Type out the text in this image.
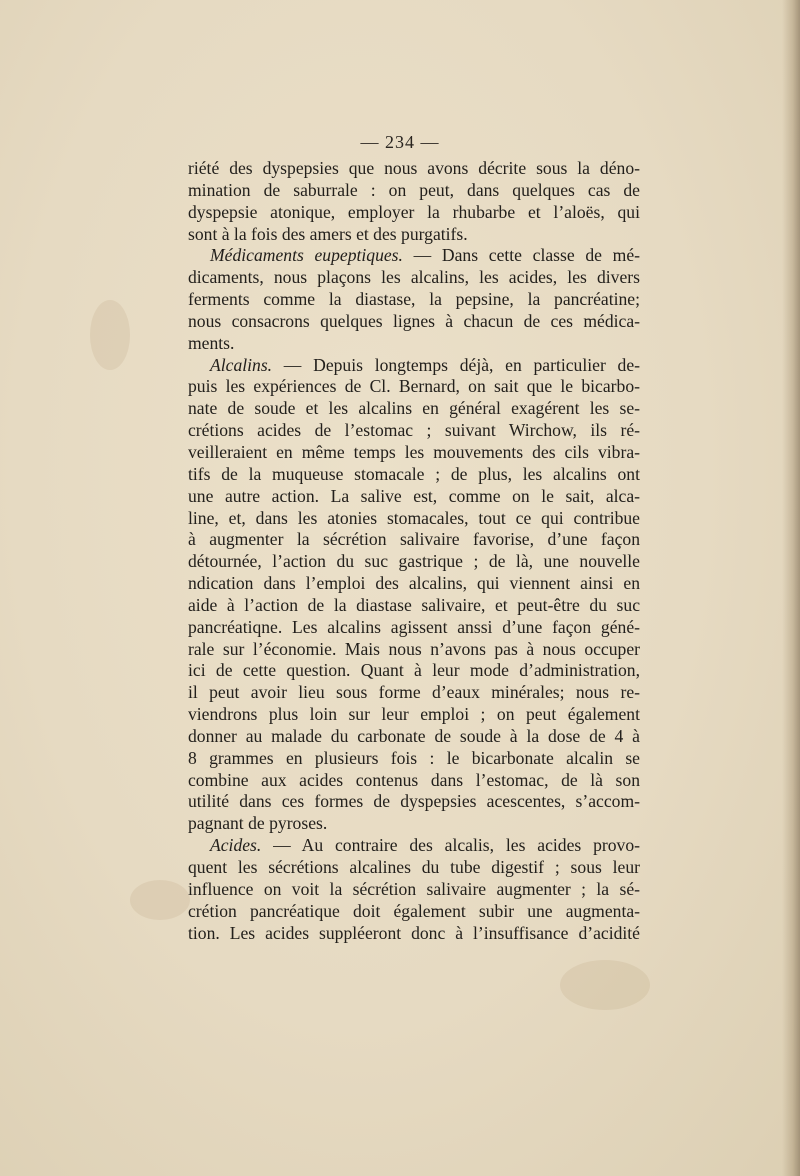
— 234 —
riété des dyspepsies que nous avons décrite sous la déno-
mination de saburrale : on peut, dans quelques cas de
dyspepsie atonique, employer la rhubarbe et l’aloës, qui
sont à la fois des amers et des purgatifs.
Médicaments eupeptiques. — Dans cette classe de mé-
dicaments, nous plaçons les alcalins, les acides, les divers
ferments comme la diastase, la pepsine, la pancréatine;
nous consacrons quelques lignes à chacun de ces médica-
ments.
Alcalins. — Depuis longtemps déjà, en particulier de-
puis les expériences de Cl. Bernard, on sait que le bicarbo-
nate de soude et les alcalins en général exagérent les se-
crétions acides de l’estomac ; suivant Wirchow, ils ré-
veilleraient en même temps les mouvements des cils vibra-
tifs de la muqueuse stomacale ; de plus, les alcalins ont
une autre action. La salive est, comme on le sait, alca-
line, et, dans les atonies stomacales, tout ce qui contribue
à augmenter la sécrétion salivaire favorise, d’une façon
détournée, l’action du suc gastrique ; de là, une nouvelle
ndication dans l’emploi des alcalins, qui viennent ainsi en
aide à l’action de la diastase salivaire, et peut-être du suc
pancréatiqne. Les alcalins agissent anssi d’une façon géné-
rale sur l’économie. Mais nous n’avons pas à nous occuper
ici de cette question. Quant à leur mode d’administration,
il peut avoir lieu sous forme d’eaux minérales; nous re-
viendrons plus loin sur leur emploi ; on peut également
donner au malade du carbonate de soude à la dose de 4 à
8 grammes en plusieurs fois : le bicarbonate alcalin se
combine aux acides contenus dans l’estomac, de là son
utilité dans ces formes de dyspepsies acescentes, s’accom-
pagnant de pyroses.
Acides. — Au contraire des alcalis, les acides provo-
quent les sécrétions alcalines du tube digestif ; sous leur
influence on voit la sécrétion salivaire augmenter ; la sé-
crétion pancréatique doit également subir une augmenta-
tion. Les acides suppléeront donc à l’insuffisance d’acidité
